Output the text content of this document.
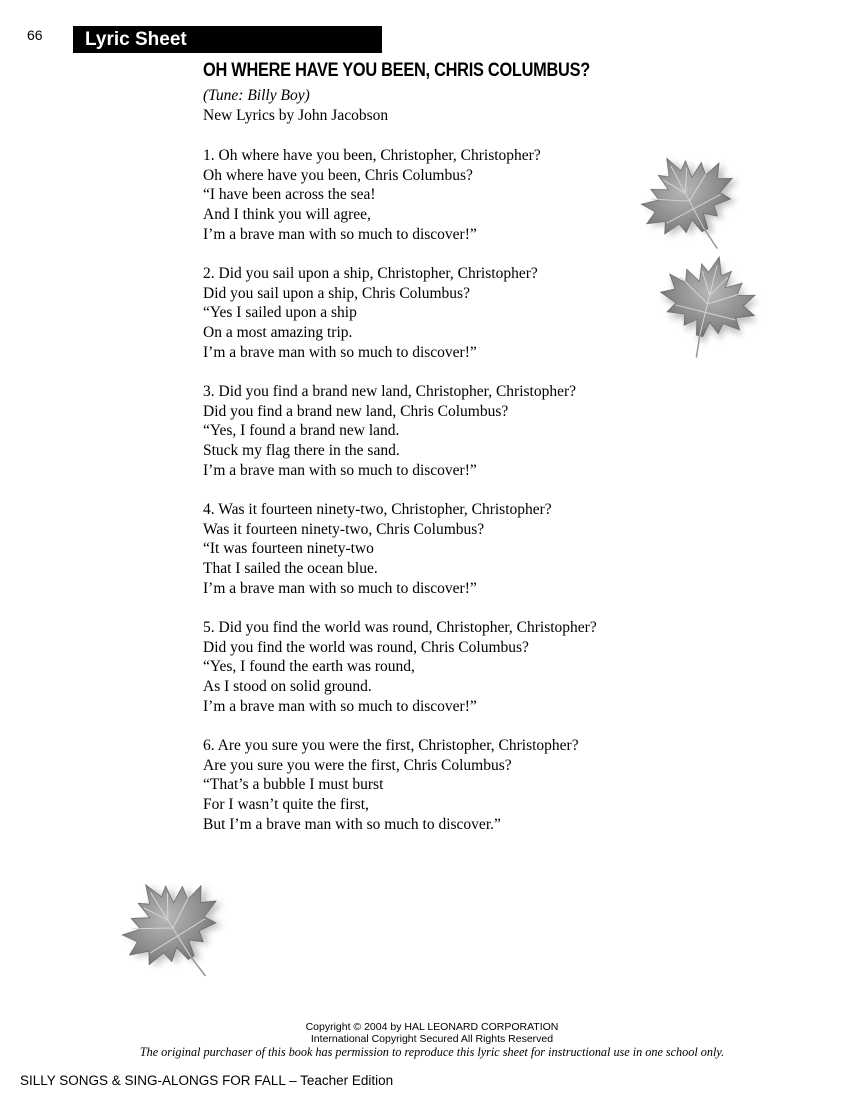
66	Lyric Sheet
OH WHERE HAVE YOU BEEN, CHRIS COLUMBUS?
(Tune: Billy Boy)
New Lyrics by John Jacobson
1. Oh where have you been, Christopher, Christopher?
Oh where have you been, Chris Columbus?
“I have been across the sea!
And I think you will agree,
I’m a brave man with so much to discover!”
2. Did you sail upon a ship, Christopher, Christopher?
Did you sail upon a ship, Chris Columbus?
“Yes I sailed upon a ship
On a most amazing trip.
I’m a brave man with so much to discover!”
3. Did you find a brand new land, Christopher, Christopher?
Did you find a brand new land, Chris Columbus?
“Yes, I found a brand new land.
Stuck my flag there in the sand.
I’m a brave man with so much to discover!”
4. Was it fourteen ninety-two, Christopher, Christopher?
Was it fourteen ninety-two, Chris Columbus?
“It was fourteen ninety-two
That I sailed the ocean blue.
I’m a brave man with so much to discover!”
5. Did you find the world was round, Christopher, Christopher?
Did you find the world was round, Chris Columbus?
“Yes, I found the earth was round,
As I stood on solid ground.
I’m a brave man with so much to discover!”
6. Are you sure you were the first, Christopher, Christopher?
Are you sure you were the first, Chris Columbus?
“That’s a bubble I must burst
For I wasn’t quite the first,
But I’m a brave man with so much to discover.”
Copyright © 2004 by HAL LEONARD CORPORATION
International Copyright Secured All Rights Reserved
The original purchaser of this book has permission to reproduce this lyric sheet for instructional use in one school only.
SILLY SONGS & SING-ALONGS FOR FALL – Teacher Edition
